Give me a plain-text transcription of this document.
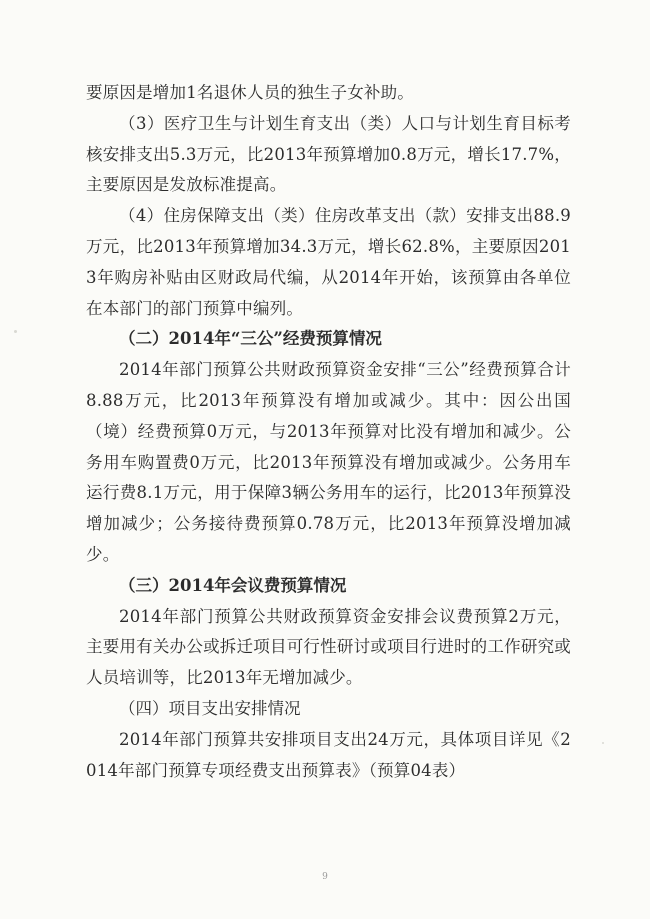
要原因是增加1名退休人员的独生子女补助。

（3）医疗卫生与计划生育支出（类）人口与计划生育目标考核安排支出5.3万元，比2013年预算增加0.8万元，增长17.7%，主要原因是发放标准提高。

（4）住房保障支出（类）住房改革支出（款）安排支出88.9万元，比2013年预算增加34.3万元，增长62.8%，主要原因2013年购房补贴由区财政局代编，从2014年开始，该预算由各单位在本部门的部门预算中编列。

（二）2014年“三公”经费预算情况

2014年部门预算公共财政预算资金安排“三公”经费预算合计8.88万元，比2013年预算没有增加或减少。其中：因公出国（境）经费预算0万元，与2013年预算对比没有增加和减少。公务用车购置费0万元，比2013年预算没有增加或减少。公务用车运行费8.1万元，用于保障3辆公务用车的运行，比2013年预算没增加减少；公务接待费预算0.78万元，比2013年预算没增加减少。

（三）2014年会议费预算情况

2014年部门预算公共财政预算资金安排会议费预算2万元，主要用有关办公或拆迁项目可行性研讨或项目行进时的工作研究或人员培训等，比2013年无增加减少。

（四）项目支出安排情况

2014年部门预算共安排项目支出24万元，具体项目详见《2014年部门预算专项经费支出预算表》（预算04表）

9
